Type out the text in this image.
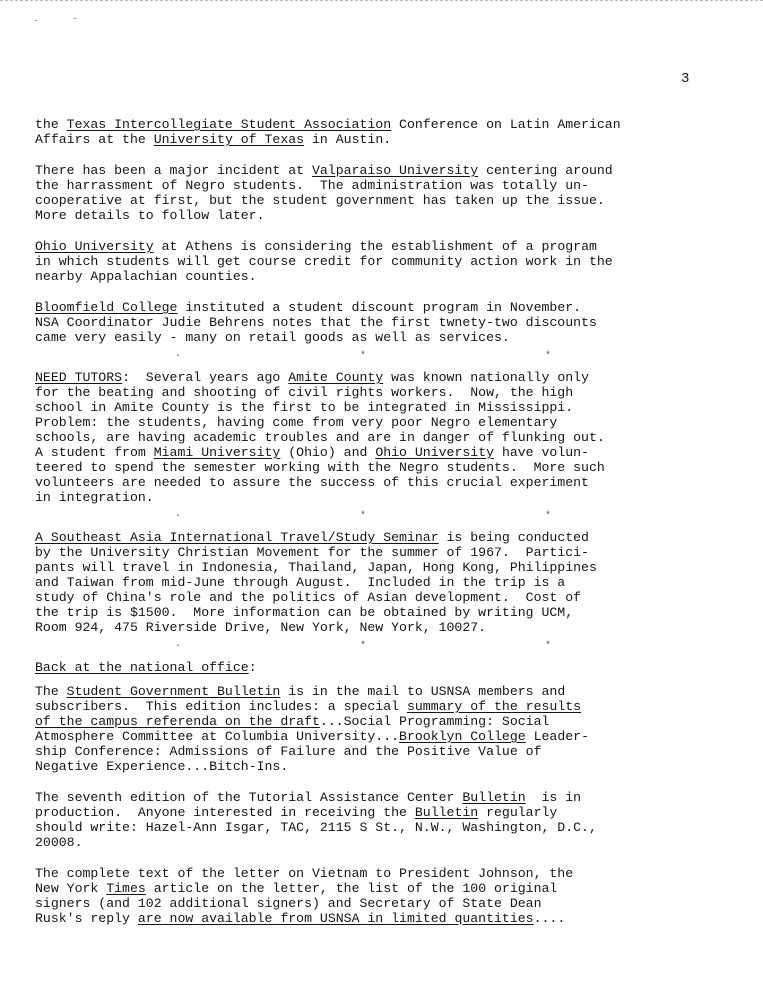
-	-
3
the Texas Intercollegiate Student Association Conference on Latin American
Affairs at the University of Texas in Austin.
There has been a major incident at Valparaiso University centering around
the harrassment of Negro students.  The administration was totally un-
cooperative at first, but the student government has taken up the issue.
More details to follow later.
Ohio University at Athens is considering the establishment of a program
in which students will get course credit for community action work in the
nearby Appalachian counties.
Bloomfield College instituted a student discount program in November.
NSA Coordinator Judie Behrens notes that the first twnety-two discounts
came very easily - many on retail goods as well as services.
·	*	*
NEED TUTORS:  Several years ago Amite County was known nationally only
for the beating and shooting of civil rights workers.  Now, the high
school in Amite County is the first to be integrated in Mississippi.
Problem: the students, having come from very poor Negro elementary
schools, are having academic troubles and are in danger of flunking out.
A student from Miami University (Ohio) and Ohio University have volun-
teered to spend the semester working with the Negro students.  More such
volunteers are needed to assure the success of this crucial experiment
in integration.
·	*	*
A Southeast Asia International Travel/Study Seminar is being conducted
by the University Christian Movement for the summer of 1967.  Partici-
pants will travel in Indonesia, Thailand, Japan, Hong Kong, Philippines
and Taiwan from mid-June through August.  Included in the trip is a
study of China's role and the politics of Asian development.  Cost of
the trip is $1500.  More information can be obtained by writing UCM,
Room 924, 475 Riverside Drive, New York, New York, 10027.
·	*	*
Back at the national office:
The Student Government Bulletin is in the mail to USNSA members and
subscribers.  This edition includes: a special summary of the results
of the campus referenda on the draft...Social Programming: Social
Atmosphere Committee at Columbia University...Brooklyn College Leader-
ship Conference: Admissions of Failure and the Positive Value of
Negative Experience...Bitch-Ins.
The seventh edition of the Tutorial Assistance Center Bulletin  is in
production.  Anyone interested in receiving the Bulletin regularly
should write: Hazel-Ann Isgar, TAC, 2115 S St., N.W., Washington, D.C.,
20008.
The complete text of the letter on Vietnam to President Johnson, the
New York Times article on the letter, the list of the 100 original
signers (and 102 additional signers) and Secretary of State Dean
Rusk's reply are now available from USNSA in limited quantities....
